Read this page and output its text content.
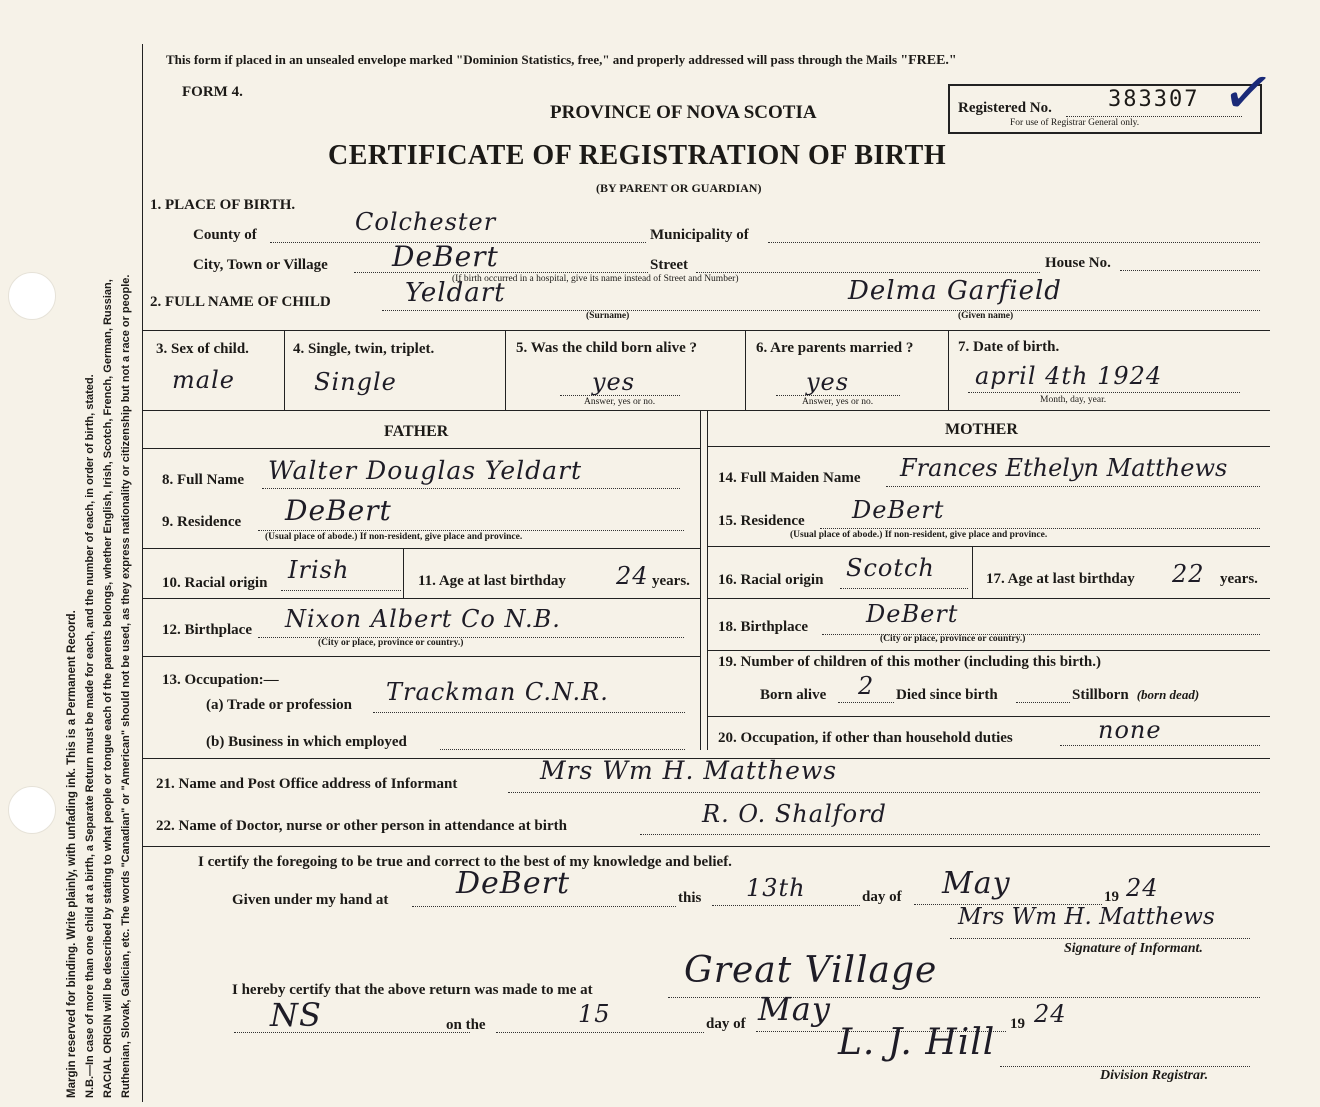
Margin reserved for binding. Write plainly, with unfading ink. This is a Permanent Record. N.B.—In case of more than one child at a birth, a Separate Return must be made for each, and the number of each, in order of birth, stated. RACIAL ORIGIN will be described by stating to what people or tongue each of the parents belongs, whether English, Irish, Scotch, French, German, Russian, Ruthenian, Slovak, Galician, etc. The words "Canadian" or "American" should not be used, as they express nationality or citizenship but not a race or people.
This form if placed in an unsealed envelope marked "Dominion Statistics, free," and properly addressed will pass through the Mails "FREE."
FORM 4.
PROVINCE OF NOVA SCOTIA
CERTIFICATE OF REGISTRATION OF BIRTH
(BY PARENT OR GUARDIAN)
Registered No.	383307
For use of Registrar General only. ✓
1. PLACE OF BIRTH.
County of	Colchester	Municipality of
City, Town or Village DeBert	Street	House No.
(If birth occurred in a hospital, give its name instead of Street and Number)
2. FULL NAME OF CHILD	Yeldart	Delma Garfield
(Surname)	(Given name)
3. Sex of child.
male
4. Single, twin, triplet.
Single
5. Was the child born alive ?
yes
Answer, yes or no.
6. Are parents married ?
yes
Answer, yes or no.
7. Date of birth.
april 4th 1924
Month, day, year.
FATHER	MOTHER
8. Full Name Walter Douglas Yeldart
9. Residence DeBert
(Usual place of abode.) If non-resident, give place and province.
10. Racial origin Irish	11. Age at last birthday 24 years.
12. Birthplace Nixon Albert Co N.B.
(City or place, province or country.)
13. Occupation:—
(a) Trade or profession Trackman C.N.R.
(b) Business in which employed
14. Full Maiden Name Frances Ethelyn Matthews
15. Residence DeBert
(Usual place of abode.) If non-resident, give place and province.
16. Racial origin Scotch	17. Age at last birthday 22 years.
18. Birthplace DeBert
(City or place, province or country.)
19. Number of children of this mother (including this birth.)
Born alive 2 Died since birth	Stillborn (born dead)
20. Occupation, if other than household duties	none
21. Name and Post Office address of Informant	Mrs Wm H. Matthews
22. Name of Doctor, nurse or other person in attendance at birth	R. O. Shalford
I certify the foregoing to be true and correct to the best of my knowledge and belief.
Given under my hand at DeBert	this 13th	day of May	19 24
Mrs Wm H. Matthews
Signature of Informant.
I hereby certify that the above return was made to me at	Great Village
NS	on the	15	day of May	19 24
L. J. Hill
Division Registrar.
